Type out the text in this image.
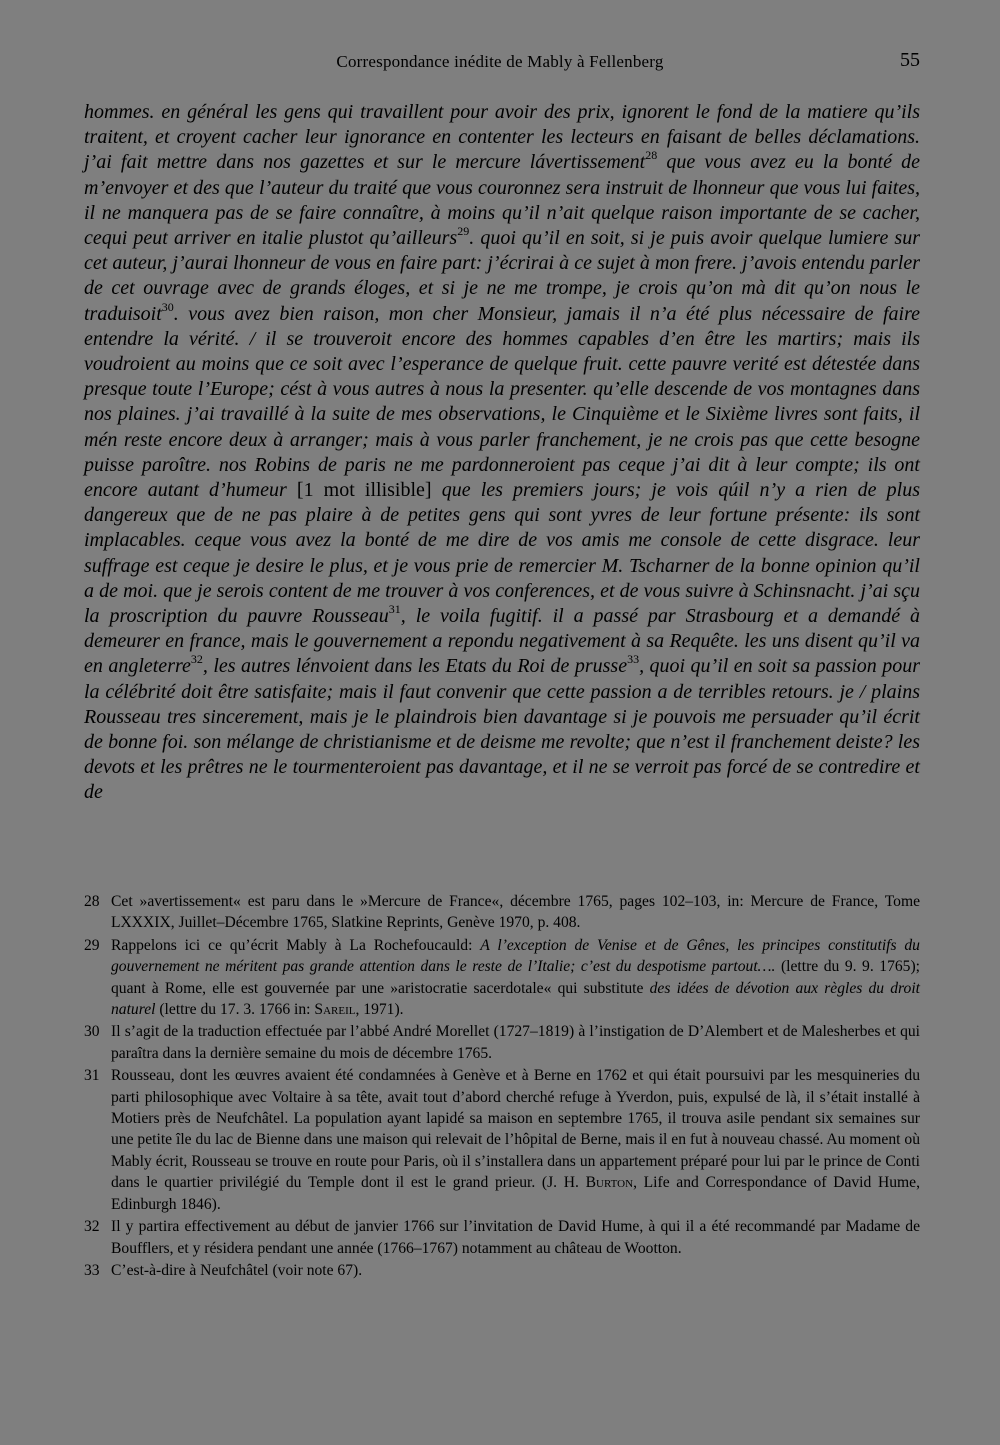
Correspondance inédite de Mably à Fellenberg	55
hommes. en général les gens qui travaillent pour avoir des prix, ignorent le fond de la matiere qu’ils traitent, et croyent cacher leur ignorance en contenter les lecteurs en faisant de belles déclamations. j’ai fait mettre dans nos gazettes et sur le mercure lávertissement$^{28}$ que vous avez eu la bonté de m’envoyer et des que l’auteur du traité que vous couronnez sera instruit de lhonneur que vous lui faites, il ne manquera pas de se faire connaître, à moins qu’il n’ait quelque raison importante de se cacher, cequi peut arriver en italie plustot qu’ailleurs$^{29}$. quoi qu’il en soit, si je puis avoir quelque lumiere sur cet auteur, j’aurai lhonneur de vous en faire part: j’écrirai à ce sujet à mon frere. j’avois entendu parler de cet ouvrage avec de grands éloges, et si je ne me trompe, je crois qu’on mà dit qu’on nous le traduisoit$^{30}$. vous avez bien raison, mon cher Monsieur, jamais il n’a été plus nécessaire de faire entendre la vérité. / il se trouveroit encore des hommes capables d’en être les martirs; mais ils voudroient au moins que ce soit avec l’esperance de quelque fruit. cette pauvre verité est détestée dans presque toute l’Europe; cést à vous autres à nous la presenter. qu’elle descende de vos montagnes dans nos plaines. j’ai travaillé à la suite de mes observations, le Cinquième et le Sixième livres sont faits, il mén reste encore deux à arranger; mais à vous parler franchement, je ne crois pas que cette besogne puisse paroître. nos Robins de paris ne me pardonneroient pas ceque j’ai dit à leur compte; ils ont encore autant d’humeur [1 mot illisible] que les premiers jours; je vois qúil n’y a rien de plus dangereux que de ne pas plaire à de petites gens qui sont yvres de leur fortune présente: ils sont implacables. ceque vous avez la bonté de me dire de vos amis me console de cette disgrace. leur suffrage est ceque je desire le plus, et je vous prie de remercier M. Tscharner de la bonne opinion qu’il a de moi. que je serois content de me trouver à vos conferences, et de vous suivre à Schinsnacht. j’ai sçu la proscription du pauvre Rousseau$^{31}$, le voila fugitif. il a passé par Strasbourg et a demandé à demeurer en france, mais le gouvernement a repondu negativement à sa Requête. les uns disent qu’il va en angleterre$^{32}$, les autres lénvoient dans les Etats du Roi de prusse$^{33}$, quoi qu’il en soit sa passion pour la célébrité doit être satisfaite; mais il faut convenir que cette passion a de terribles retours. je / plains Rousseau tres sincerement, mais je le plaindrois bien davantage si je pouvois me persuader qu’il écrit de bonne foi. son mélange de christianisme et de deisme me revolte; que n’est il franchement deiste? les devots et les prêtres ne le tourmenteroient pas davantage, et il ne se verroit pas forcé de se contredire et de
28 Cet »avertissement« est paru dans le »Mercure de France«, décembre 1765, pages 102–103, in: Mercure de France, Tome LXXXIX, Juillet–Décembre 1765, Slatkine Reprints, Genève 1970, p. 408.
29 Rappelons ici ce qu’écrit Mably à La Rochefoucauld: A l’exception de Venise et de Gênes, les principes constitutifs du gouvernement ne méritent pas grande attention dans le reste de l’Italie; c’est du despotisme partout…. (lettre du 9. 9. 1765); quant à Rome, elle est gouvernée par une »aristocratie sacerdotale« qui substitute des idées de dévotion aux règles du droit naturel (lettre du 17. 3. 1766 in: Sareil, 1971).
30 Il s’agit de la traduction effectuée par l’abbé André Morellet (1727–1819) à l’instigation de D’Alembert et de Malesherbes et qui paraîtra dans la dernière semaine du mois de décembre 1765.
31 Rousseau, dont les œuvres avaient été condamnées à Genève et à Berne en 1762 et qui était poursuivi par les mesquineries du parti philosophique avec Voltaire à sa tête, avait tout d’abord cherché refuge à Yverdon, puis, expulsé de là, il s’était installé à Motiers près de Neufchâtel. La population ayant lapidé sa maison en septembre 1765, il trouva asile pendant six semaines sur une petite île du lac de Bienne dans une maison qui relevait de l’hôpital de Berne, mais il en fut à nouveau chassé. Au moment où Mably écrit, Rousseau se trouve en route pour Paris, où il s’installera dans un appartement préparé pour lui par le prince de Conti dans le quartier privilégié du Temple dont il est le grand prieur. (J. H. Burton, Life and Correspondance of David Hume, Edinburgh 1846).
32 Il y partira effectivement au début de janvier 1766 sur l’invitation de David Hume, à qui il a été recommandé par Madame de Boufflers, et y résidera pendant une année (1766–1767) notamment au château de Wootton.
33 C’est-à-dire à Neufchâtel (voir note 67).
